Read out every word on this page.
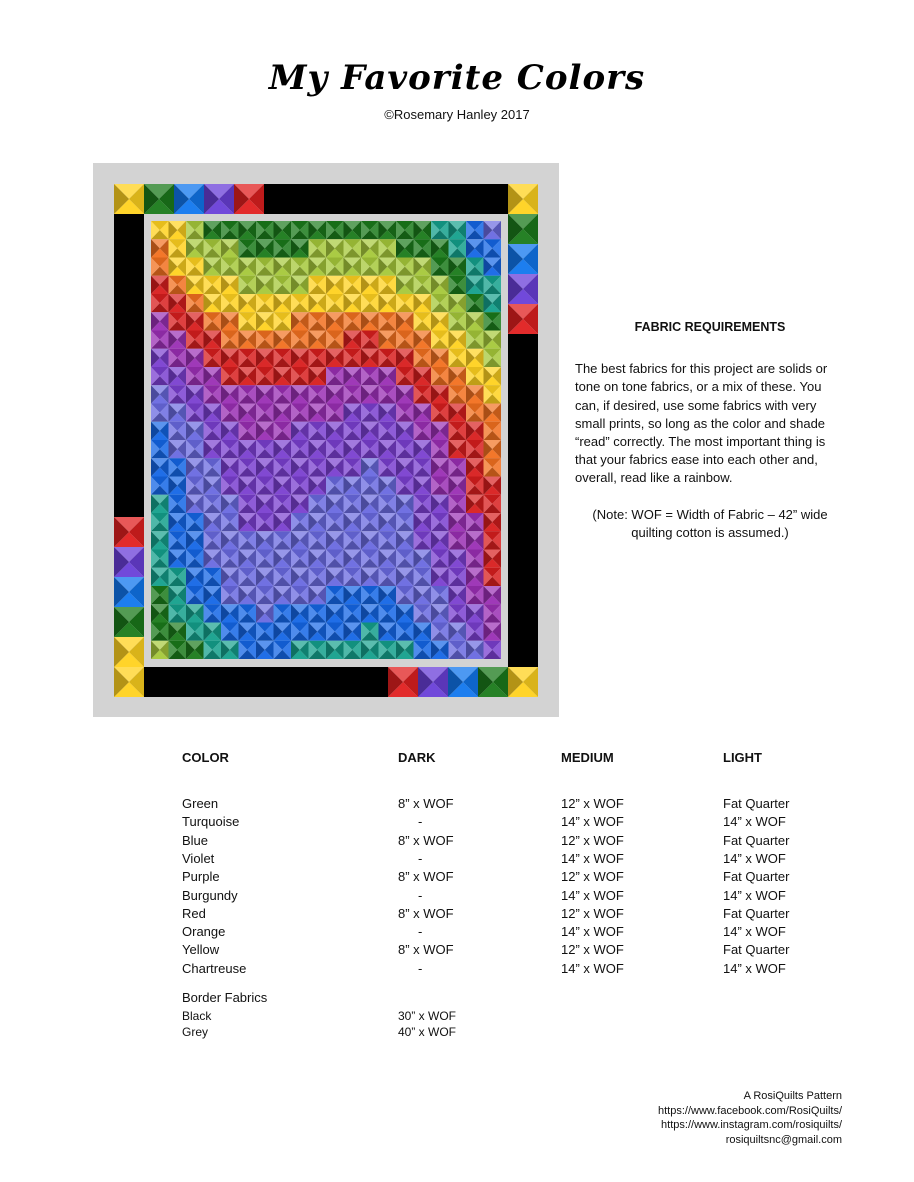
My Favorite Colors
©Rosemary Hanley 2017
FABRIC REQUIREMENTS

The best fabrics for this project are solids or tone on tone fabrics, or a mix of these. You can, if desired, use some fabrics with very small prints, so long as the color and shade “read” correctly. The most important thing is that your fabrics ease into each other and, overall, read like a rainbow.

(Note: WOF = Width of Fabric – 42” wide quilting cotton is assumed.)

COLOR	DARK	MEDIUM	LIGHT
Green	8” x WOF	12” x WOF	Fat Quarter
Turquoise	-	14” x WOF	14” x WOF
Blue	8” x WOF	12” x WOF	Fat Quarter
Violet	-	14” x WOF	14” x WOF
Purple	8” x WOF	12” x WOF	Fat Quarter
Burgundy	-	14” x WOF	14” x WOF
Red	8” x WOF	12” x WOF	Fat Quarter
Orange	-	14” x WOF	14” x WOF
Yellow	8” x WOF	12” x WOF	Fat Quarter
Chartreuse	-	14” x WOF	14” x WOF
Border Fabrics
Black	30” x WOF
Grey	40” x WOF
A RosiQuilts Pattern
https://www.facebook.com/RosiQuilts/
https://www.instagram.com/rosiquilts/
rosiquiltsnc@gmail.com
